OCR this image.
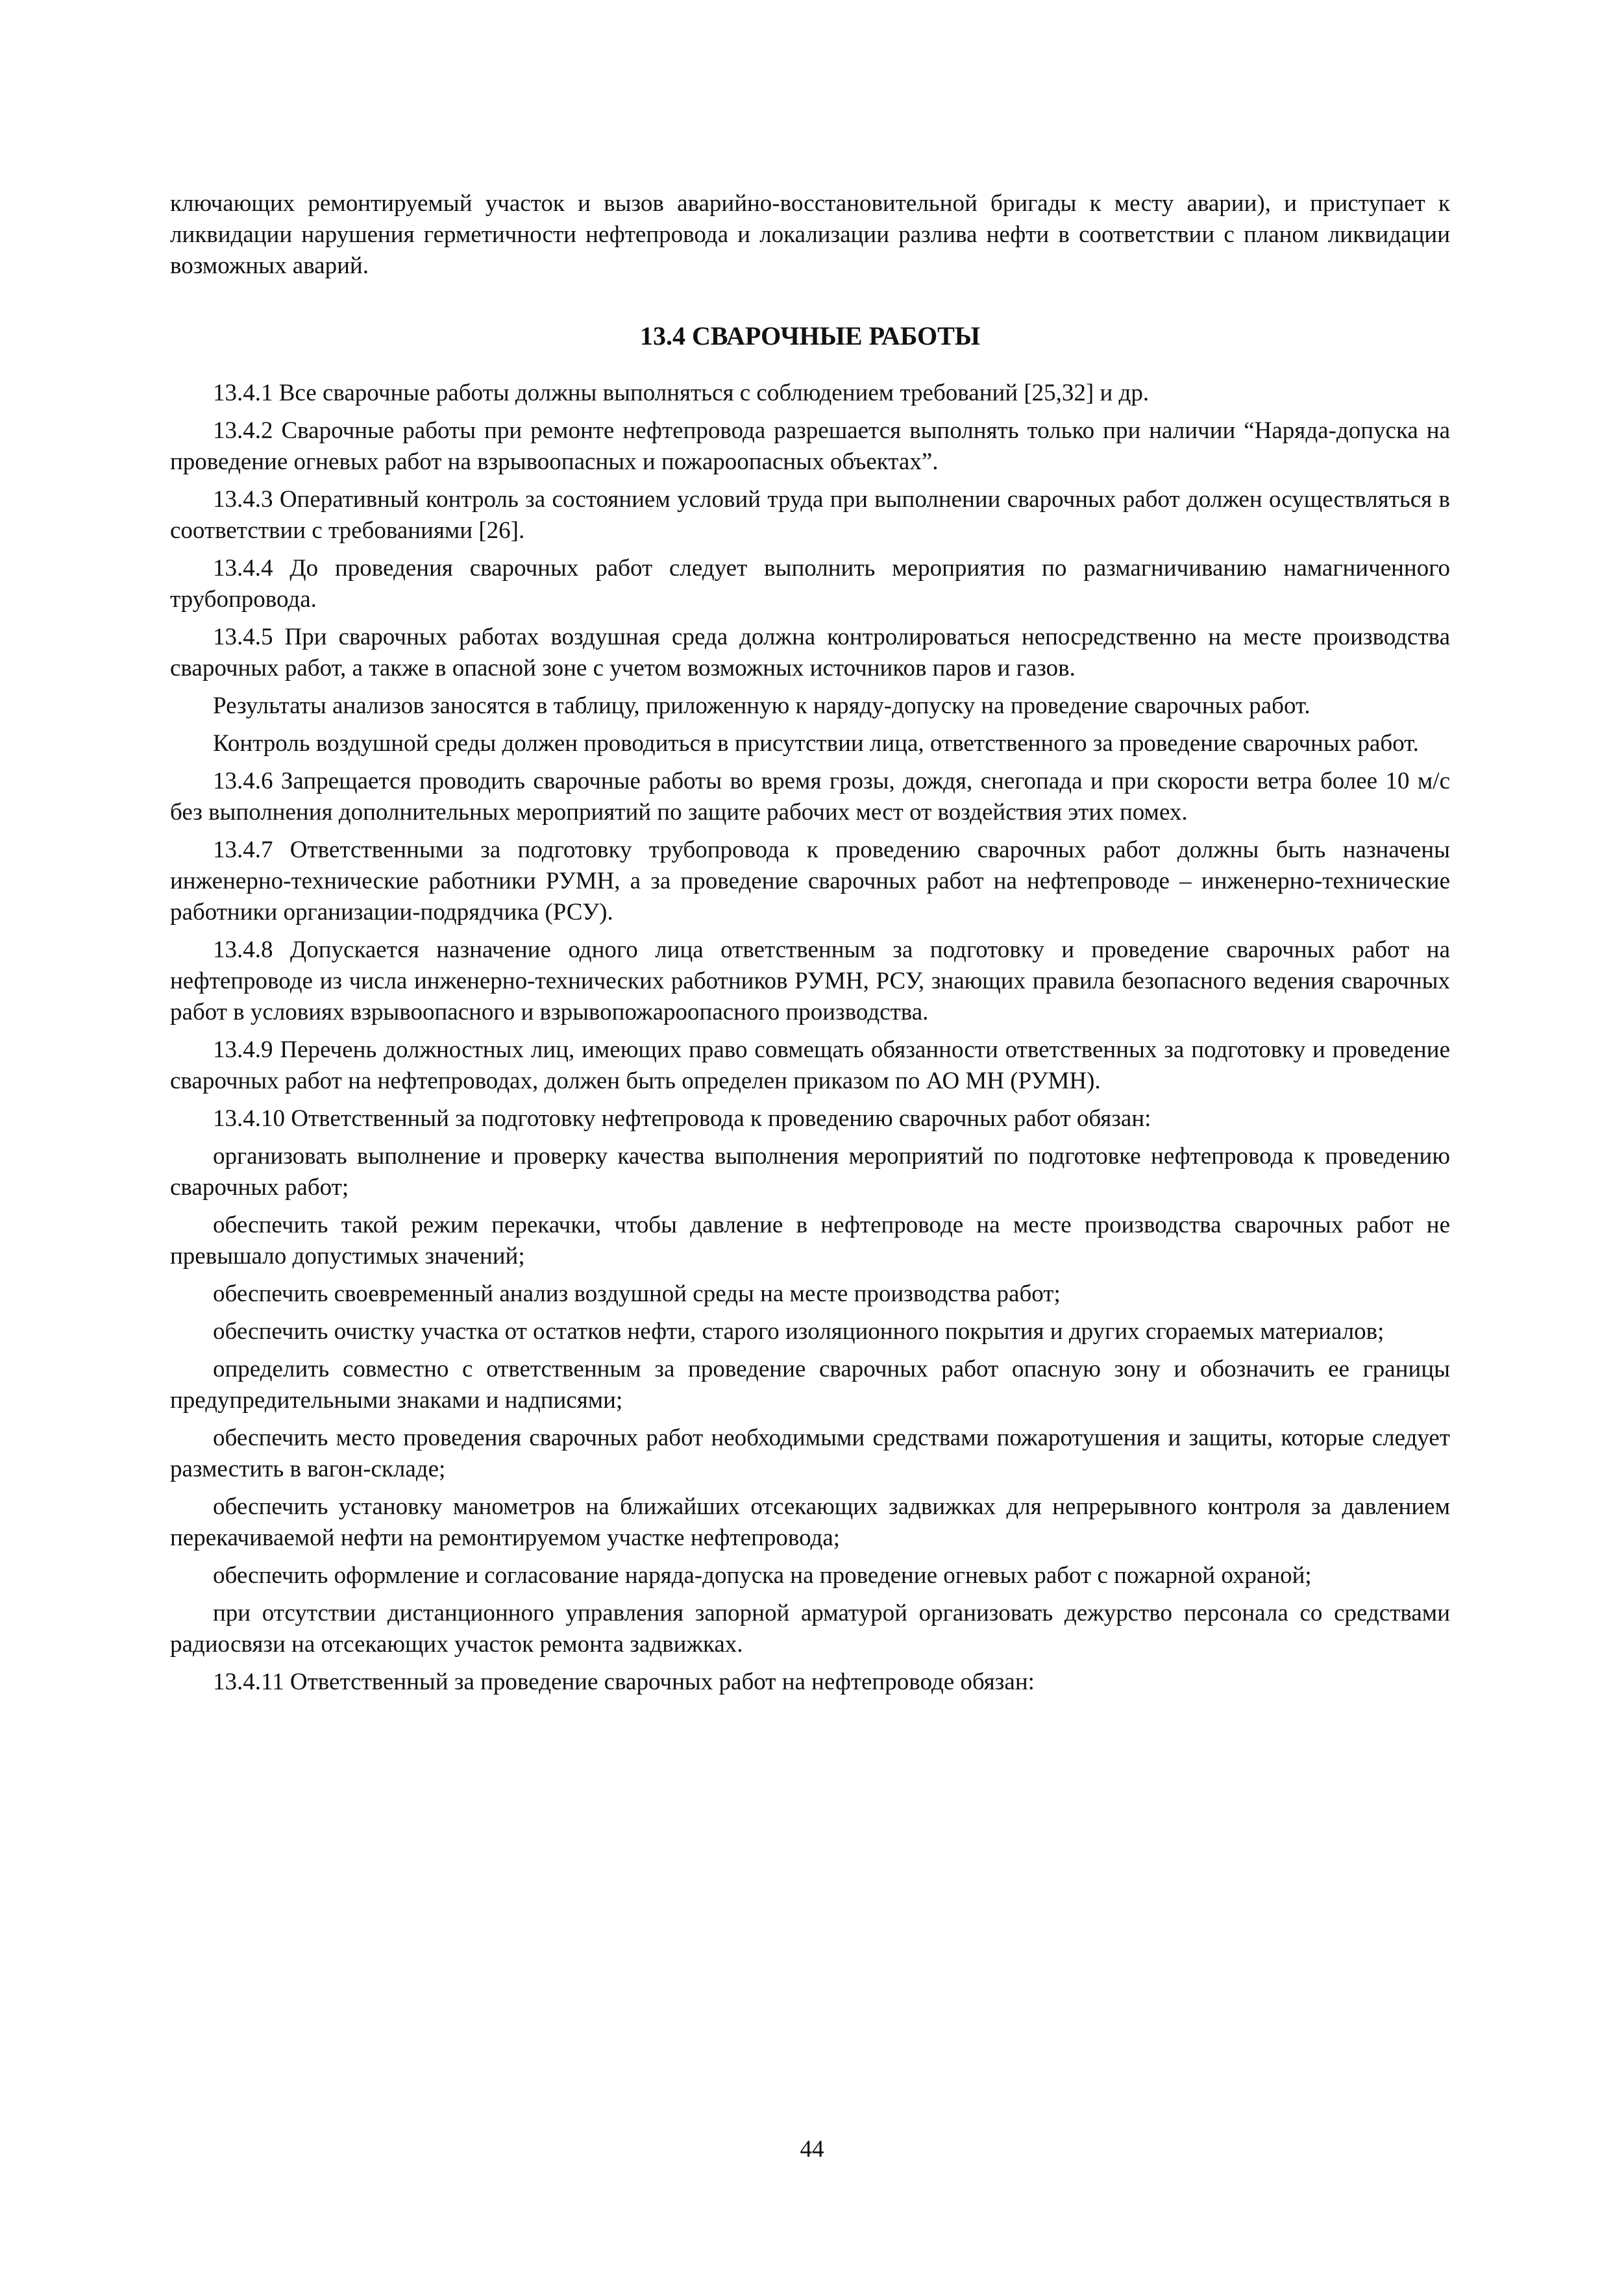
ключающих ремонтируемый участок и вызов аварийно-восстановительной бригады к месту аварии), и приступает к ликвидации нарушения герметичности нефтепровода и локализации разлива нефти в соответствии с планом ликвидации возможных аварий.

13.4 СВАРОЧНЫЕ РАБОТЫ

13.4.1 Все сварочные работы должны выполняться с соблюдением требований [25,32] и др.

13.4.2 Сварочные работы при ремонте нефтепровода разрешается выполнять только при наличии “Наряда-допуска на проведение огневых работ на взрывоопасных и пожароопасных объектах”.

13.4.3 Оперативный контроль за состоянием условий труда при выполнении сварочных работ должен осуществляться в соответствии с требованиями [26].

13.4.4 До проведения сварочных работ следует выполнить мероприятия по размагничиванию намагниченного трубопровода.

13.4.5 При сварочных работах воздушная среда должна контролироваться непосредственно на месте производства сварочных работ, а также в опасной зоне с учетом возможных источников паров и газов.

Результаты анализов заносятся в таблицу, приложенную к наряду-допуску на проведение сварочных работ.

Контроль воздушной среды должен проводиться в присутствии лица, ответственного за проведение сварочных работ.

13.4.6 Запрещается проводить сварочные работы во время грозы, дождя, снегопада и при скорости ветра более 10 м/с без выполнения дополнительных мероприятий по защите рабочих мест от воздействия этих помех.

13.4.7 Ответственными за подготовку трубопровода к проведению сварочных работ должны быть назначены инженерно-технические работники РУМН, а за проведение сварочных работ на нефтепроводе – инженерно-технические работники организации-подрядчика (РСУ).

13.4.8 Допускается назначение одного лица ответственным за подготовку и проведение сварочных работ на нефтепроводе из числа инженерно-технических работников РУМН, РСУ, знающих правила безопасного ведения сварочных работ в условиях взрывоопасного и взрывопожароопасного производства.

13.4.9 Перечень должностных лиц, имеющих право совмещать обязанности ответственных за подготовку и проведение сварочных работ на нефтепроводах, должен быть определен приказом по АО МН (РУМН).

13.4.10 Ответственный за подготовку нефтепровода к проведению сварочных работ обязан:

организовать выполнение и проверку качества выполнения мероприятий по подготовке нефтепровода к проведению сварочных работ;

обеспечить такой режим перекачки, чтобы давление в нефтепроводе на месте производства сварочных работ не превышало допустимых значений;

обеспечить своевременный анализ воздушной среды на месте производства работ;

обеспечить очистку участка от остатков нефти, старого изоляционного покрытия и других сгораемых материалов;

определить совместно с ответственным за проведение сварочных работ опасную зону и обозначить ее границы предупредительными знаками и надписями;

обеспечить место проведения сварочных работ необходимыми средствами пожаротушения и защиты, которые следует разместить в вагон-складе;

обеспечить установку манометров на ближайших отсекающих задвижках для непрерывного контроля за давлением перекачиваемой нефти на ремонтируемом участке нефтепровода;

обеспечить оформление и согласование наряда-допуска на проведение огневых работ с пожарной охраной;

при отсутствии дистанционного управления запорной арматурой организовать дежурство персонала со средствами радиосвязи на отсекающих участок ремонта задвижках.

13.4.11 Ответственный за проведение сварочных работ на нефтепроводе обязан:

44
